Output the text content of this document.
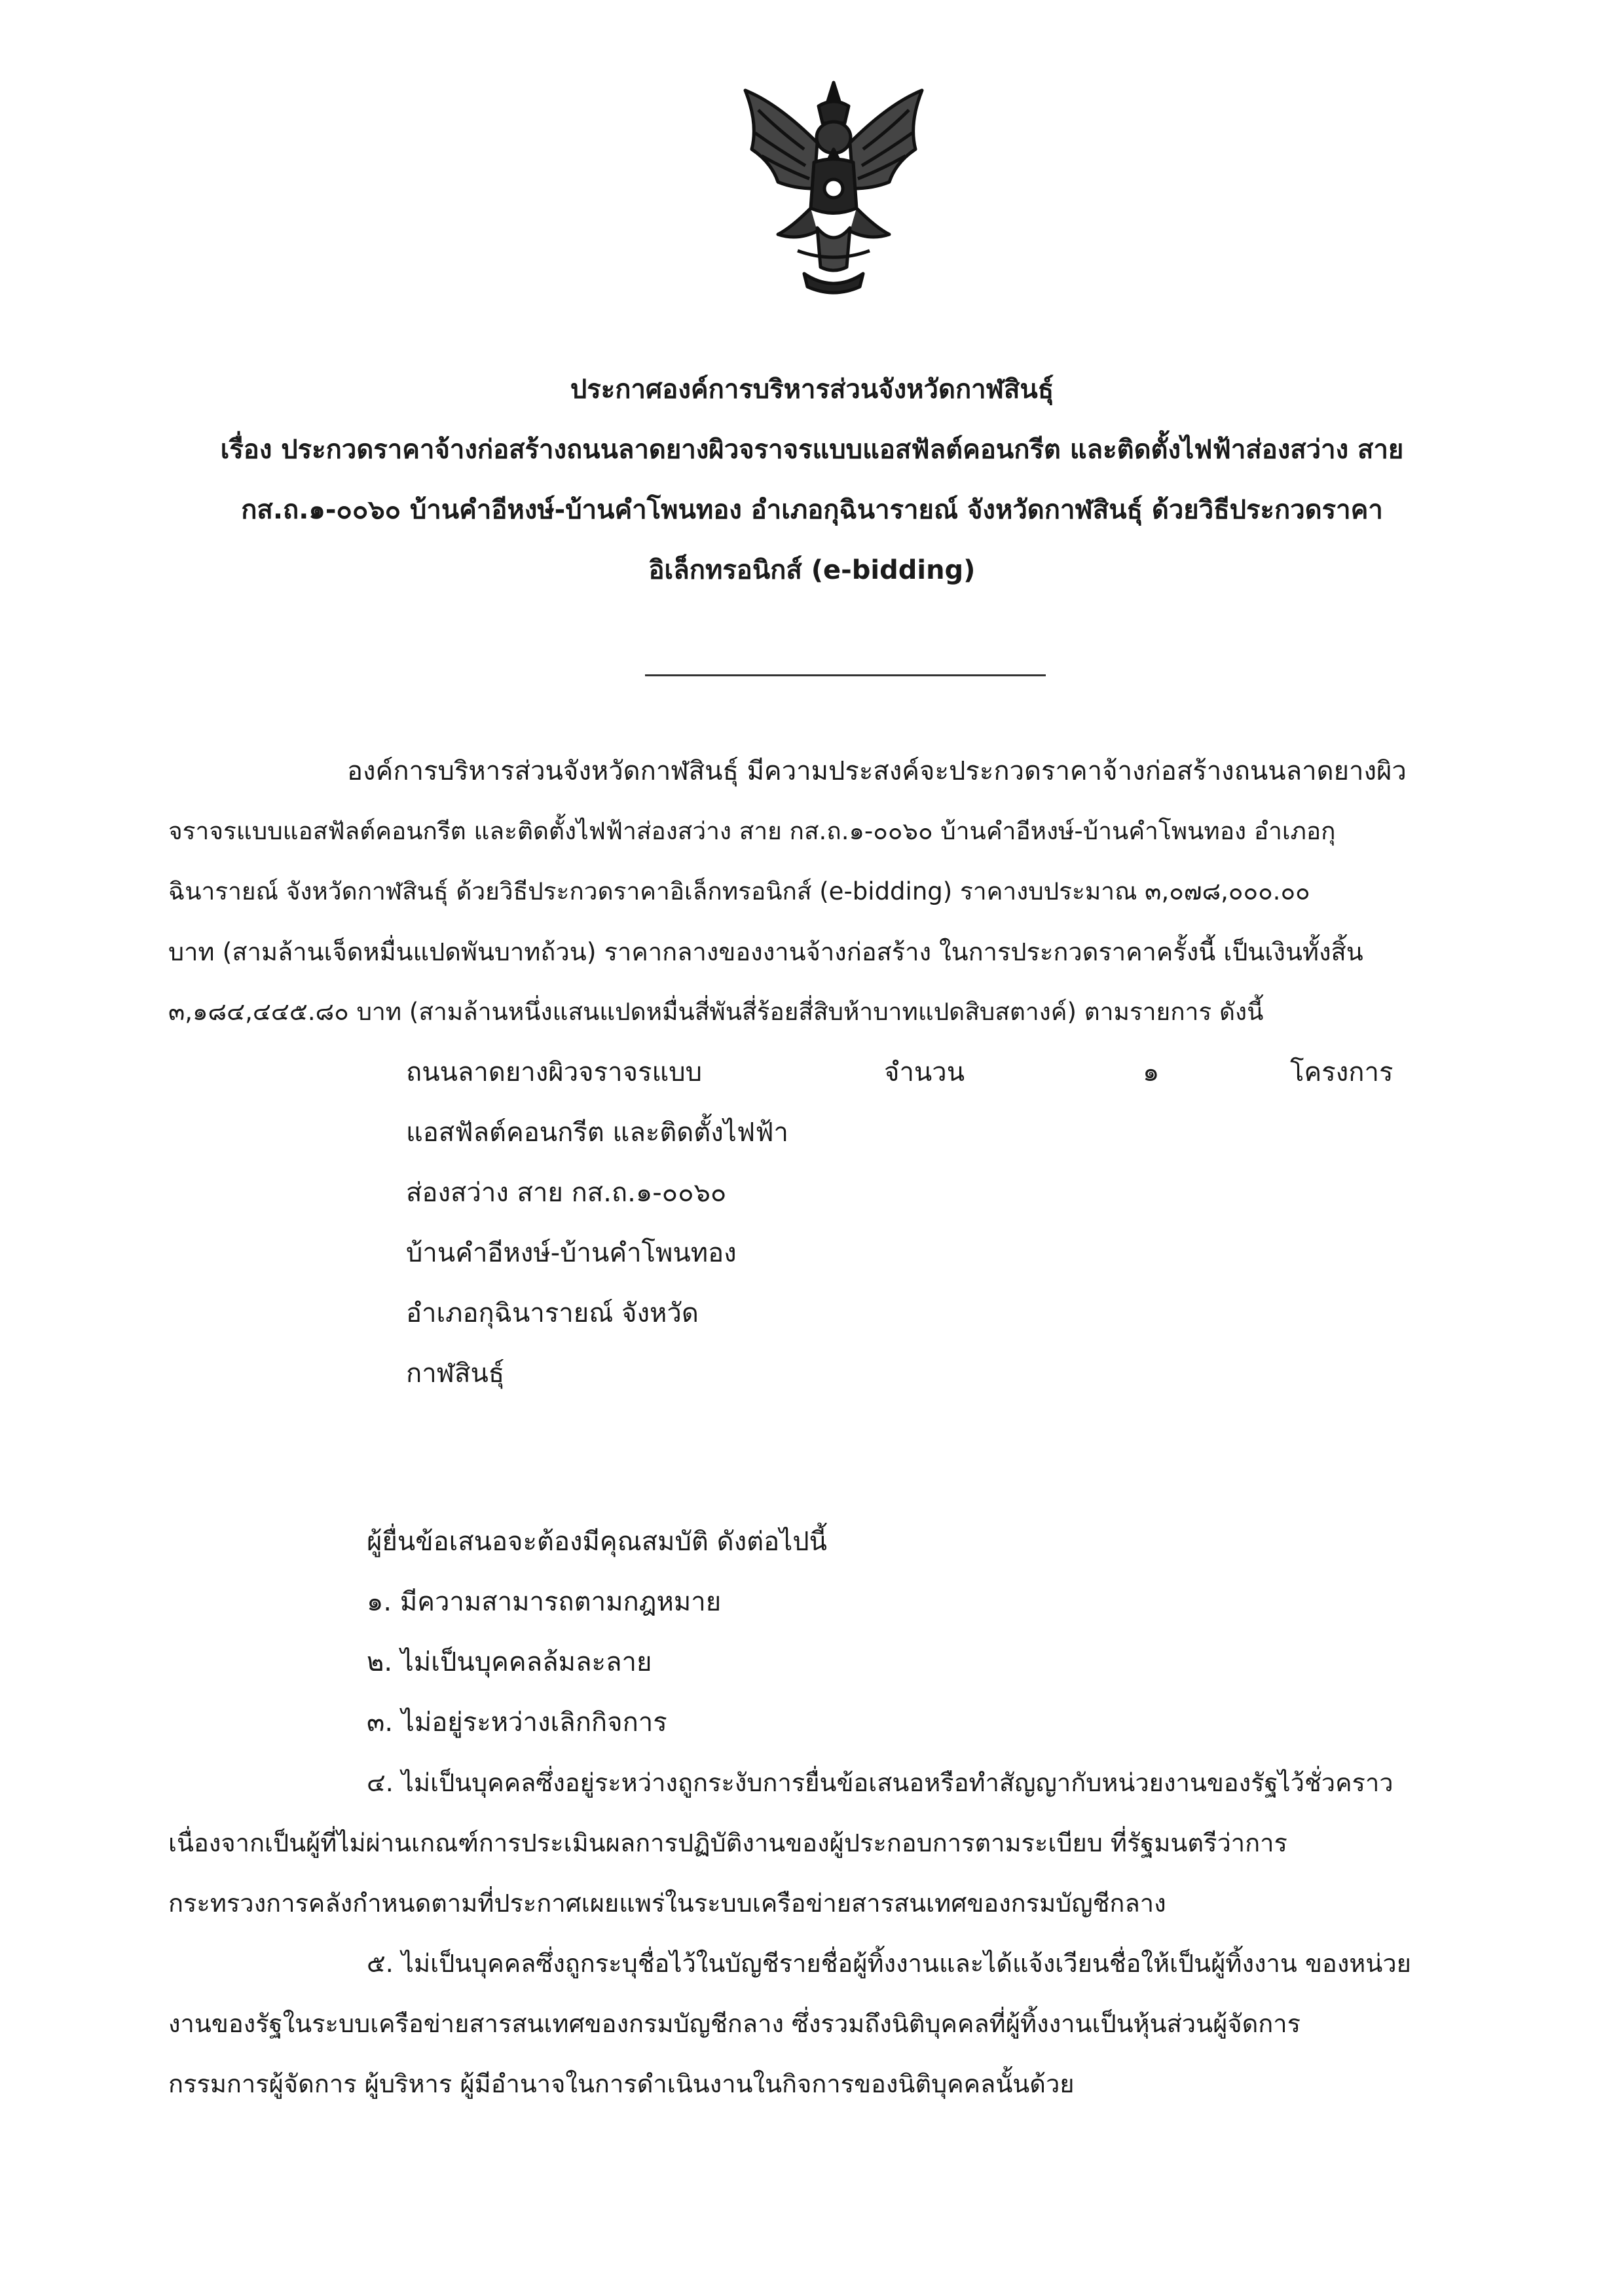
ประกาศองค์การบริหารส่วนจังหวัดกาฬสินธุ์
เรื่อง ประกวดราคาจ้างก่อสร้างถนนลาดยางผิวจราจรแบบแอสฟัลต์คอนกรีต และติดตั้งไฟฟ้าส่องสว่าง สาย
กส.ถ.๑-๐๐๖๐ บ้านคำอีหงษ์-บ้านคำโพนทอง อำเภอกุฉินารายณ์ จังหวัดกาฬสินธุ์ ด้วยวิธีประกวดราคา
อิเล็กทรอนิกส์ (e-bidding)
องค์การบริหารส่วนจังหวัดกาฬสินธุ์ มีความประสงค์จะประกวดราคาจ้างก่อสร้างถนนลาดยางผิว
จราจรแบบแอสฟัลต์คอนกรีต และติดตั้งไฟฟ้าส่องสว่าง สาย กส.ถ.๑-๐๐๖๐ บ้านคำอีหงษ์-บ้านคำโพนทอง อำเภอกุ
ฉินารายณ์ จังหวัดกาฬสินธุ์ ด้วยวิธีประกวดราคาอิเล็กทรอนิกส์ (e-bidding) ราคางบประมาณ ๓,๐๗๘,๐๐๐.๐๐
บาท (สามล้านเจ็ดหมื่นแปดพันบาทถ้วน) ราคากลางของงานจ้างก่อสร้าง ในการประกวดราคาครั้งนี้ เป็นเงินทั้งสิ้น
๓,๑๘๔,๔๔๕.๘๐ บาท (สามล้านหนึ่งแสนแปดหมื่นสี่พันสี่ร้อยสี่สิบห้าบาทแปดสิบสตางค์) ตามรายการ ดังนี้
ถนนลาดยางผิวจราจรแบบ	จำนวน	๑	โครงการ
แอสฟัลต์คอนกรีต และติดตั้งไฟฟ้า
ส่องสว่าง สาย กส.ถ.๑-๐๐๖๐
บ้านคำอีหงษ์-บ้านคำโพนทอง
อำเภอกุฉินารายณ์ จังหวัด
กาฬสินธุ์
ผู้ยื่นข้อเสนอจะต้องมีคุณสมบัติ ดังต่อไปนี้
๑. มีความสามารถตามกฎหมาย
๒. ไม่เป็นบุคคลล้มละลาย
๓. ไม่อยู่ระหว่างเลิกกิจการ
๔. ไม่เป็นบุคคลซึ่งอยู่ระหว่างถูกระงับการยื่นข้อเสนอหรือทำสัญญากับหน่วยงานของรัฐไว้ชั่วคราว
เนื่องจากเป็นผู้ที่ไม่ผ่านเกณฑ์การประเมินผลการปฏิบัติงานของผู้ประกอบการตามระเบียบ ที่รัฐมนตรีว่าการ
กระทรวงการคลังกำหนดตามที่ประกาศเผยแพร่ในระบบเครือข่ายสารสนเทศของกรมบัญชีกลาง
๕. ไม่เป็นบุคคลซึ่งถูกระบุชื่อไว้ในบัญชีรายชื่อผู้ทิ้งงานและได้แจ้งเวียนชื่อให้เป็นผู้ทิ้งงาน ของหน่วย
งานของรัฐในระบบเครือข่ายสารสนเทศของกรมบัญชีกลาง ซึ่งรวมถึงนิติบุคคลที่ผู้ทิ้งงานเป็นหุ้นส่วนผู้จัดการ
กรรมการผู้จัดการ ผู้บริหาร ผู้มีอำนาจในการดำเนินงานในกิจการของนิติบุคคลนั้นด้วย
